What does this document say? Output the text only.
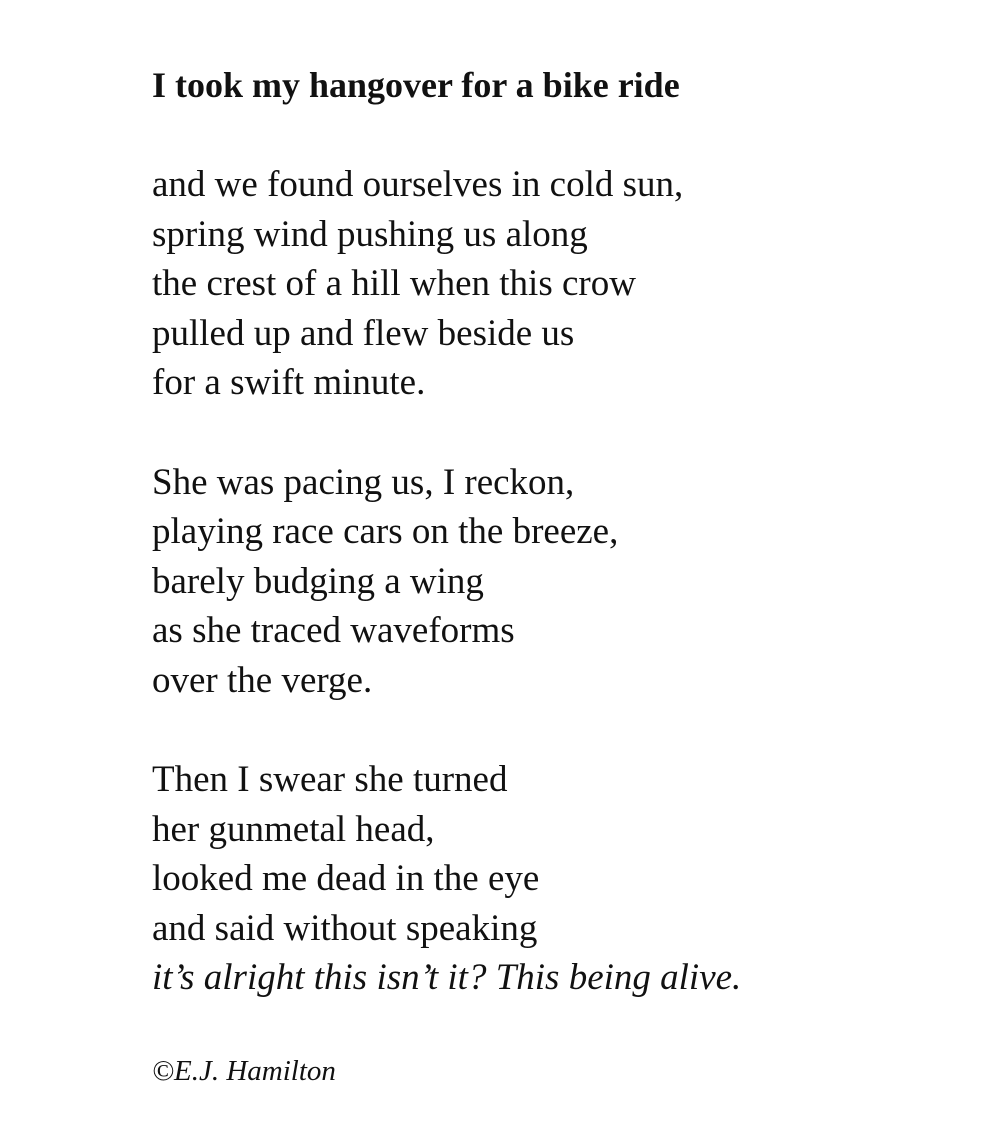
I took my hangover for a bike ride
and we found ourselves in cold sun,
spring wind pushing us along
the crest of a hill when this crow
pulled up and flew beside us
for a swift minute.
She was pacing us, I reckon,
playing race cars on the breeze,
barely budging a wing
as she traced waveforms
over the verge.
Then I swear she turned
her gunmetal head,
looked me dead in the eye
and said without speaking
it’s alright this isn’t it? This being alive.
©E.J. Hamilton
